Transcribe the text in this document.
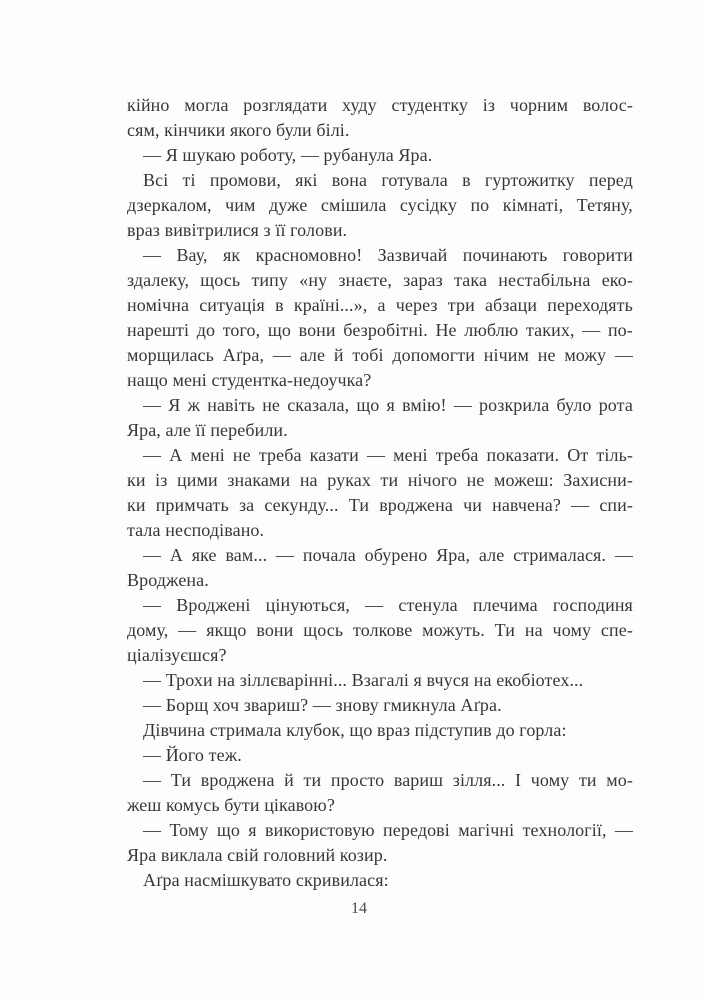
кійно могла розглядати худу студентку із чорним волос-
сям, кінчики якого були білі.
— Я шукаю роботу, — рубанула Яра.
Всі ті промови, які вона готувала в гуртожитку перед
дзеркалом, чим дуже смішила сусідку по кімнаті, Тетяну,
враз вивітрилися з її голови.
— Вау, як красномовно! Зазвичай починають говорити
здалеку, щось типу «ну знаєте, зараз така нестабільна еко-
номічна ситуація в країні...», а через три абзаци переходять
нарешті до того, що вони безробітні. Не люблю таких, — по-
морщилась Аґра, — але й тобі допомогти нічим не можу —
нащо мені студентка-недоучка?
— Я ж навіть не сказала, що я вмію! — розкрила було рота
Яра, але її перебили.
— А мені не треба казати — мені треба показати. От тіль-
ки із цими знаками на руках ти нічого не можеш: Захисни-
ки примчать за секунду... Ти вроджена чи навчена? — спи-
тала несподівано.
— А яке вам... — почала обурено Яра, але стрималася. —
Вроджена.
— Вроджені цінуються, — стенула плечима господиня
дому, — якщо вони щось толкове можуть. Ти на чому спе-
ціалізуєшся?
— Трохи на зіллєварінні... Взагалі я вчуся на екобіотех...
— Борщ хоч звариш? — знову гмикнула Аґра.
Дівчина стримала клубок, що враз підступив до горла:
— Його теж.
— Ти вроджена й ти просто вариш зілля... І чому ти мо-
жеш комусь бути цікавою?
— Тому що я використовую передові магічні технології, —
Яра виклала свій головний козир.
Аґра насмішкувато скривилася:
14
